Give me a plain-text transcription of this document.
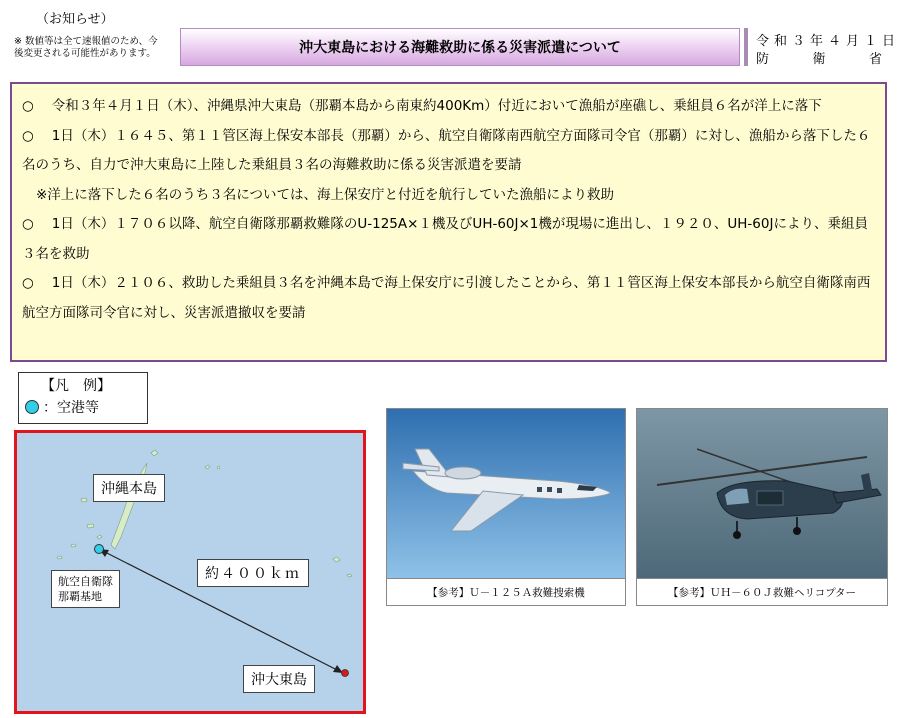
（お知らせ）
※ 数値等は全て速報値のため、今後変更される可能性があります。	沖大東島における海難救助に係る災害派遣について	令和３年４月１日
防	衛	省

○ 令和３年４月１日（木）、沖縄県沖大東島（那覇本島から南東約400Km）付近において漁船が座礁し、乗組員６名が洋上に落下

○ 1日（木）１６４５、第１１管区海上保安本部長（那覇）から、航空自衛隊南西航空方面隊司令官（那覇）に対し、漁船から落下した６名のうち、自力で沖大東島に上陸した乗組員３名の海難救助に係る災害派遣を要請

※洋上に落下した６名のうち３名については、海上保安庁と付近を航行していた漁船により救助

○ 1日（木）１７０６以降、航空自衛隊那覇救難隊のU-125A×１機及びUH-60J×1機が現場に進出し、１９２０、UH-60Jにより、乗組員３名を救助

○ 1日（木）２１０６、救助した乗組員３名を沖縄本島で海上保安庁に引渡したことから、第１１管区海上保安本部長から航空自衛隊南西航空方面隊司令官に対し、災害派遣撤収を要請

【凡　例】
：空港等
沖縄本島
約４００ｋｍ
沖大東島
航空自衛隊
那覇基地	【参考】Ｕ－１２５Ａ救難捜索機	【参考】ＵＨ－６０Ｊ救難ヘリコプター
